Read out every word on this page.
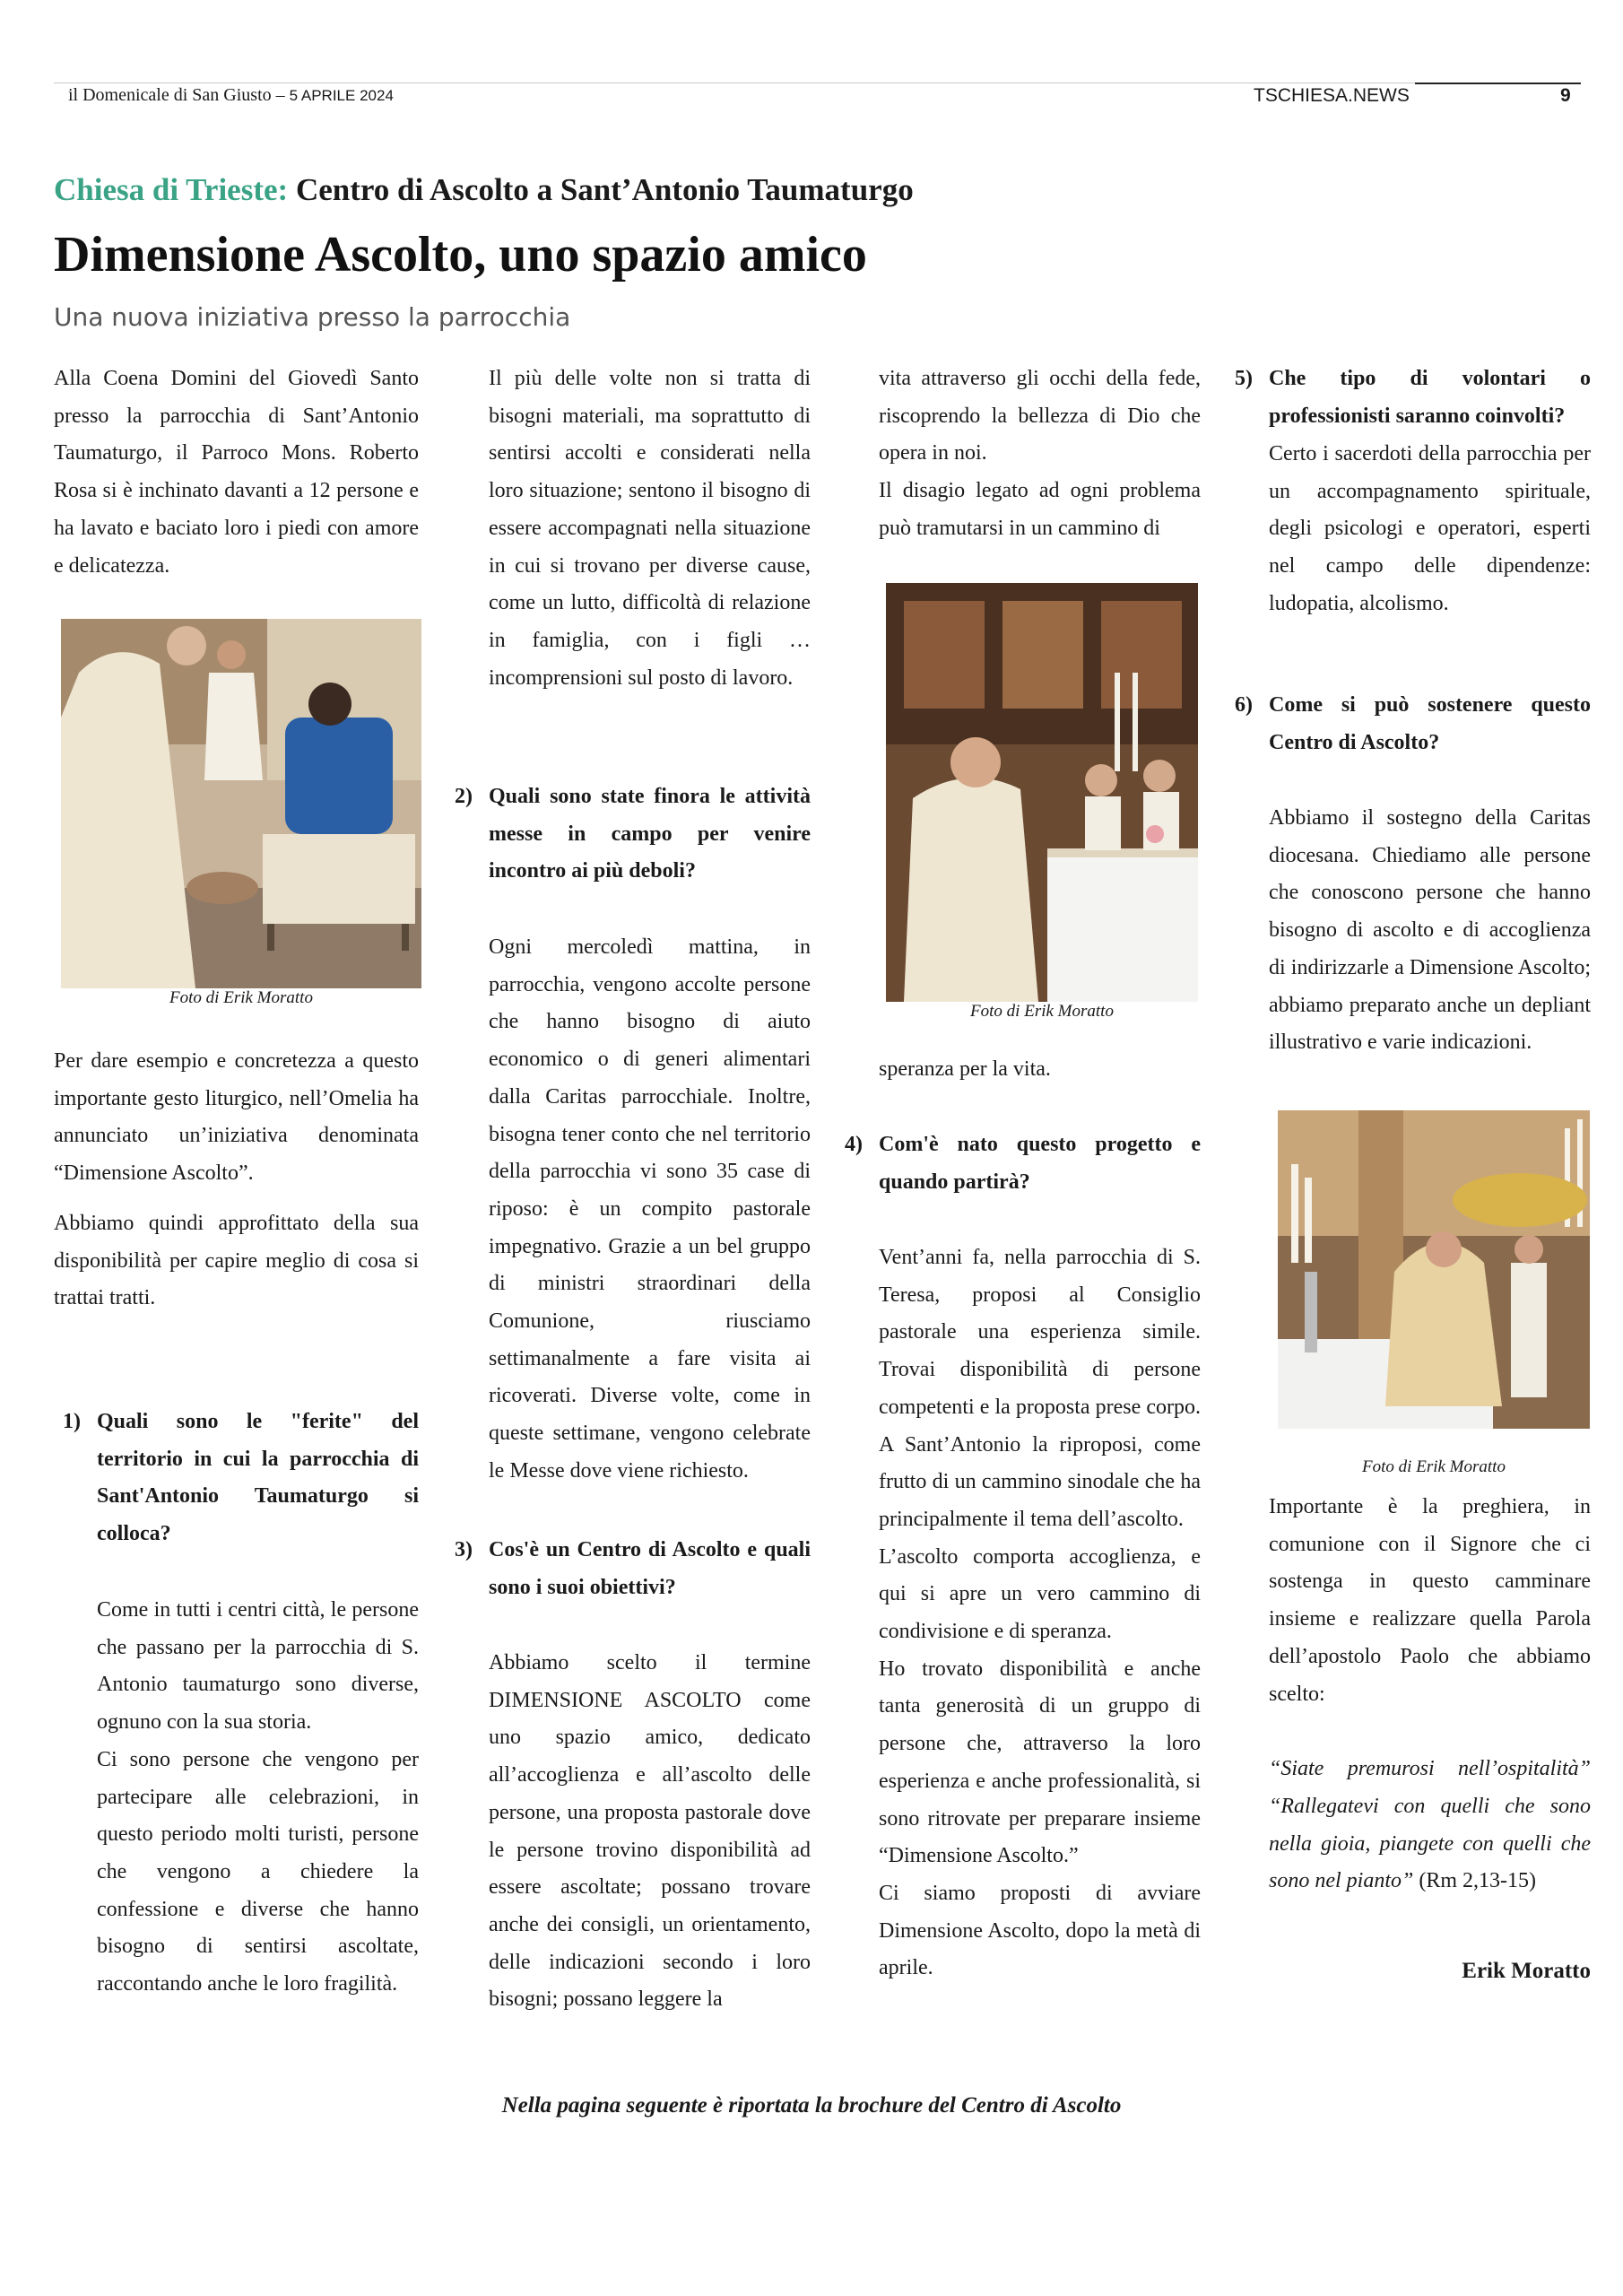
il Domenicale di San Giusto – 5 APRILE 2024	TSCHIESA.NEWS	9
Chiesa di Trieste: Centro di Ascolto a Sant’Antonio Taumaturgo
Dimensione Ascolto, uno spazio amico
Una nuova iniziativa presso la parrocchia

Alla Coena Domini del Giovedì Santo presso la parrocchia di Sant’Antonio Taumaturgo, il Parroco Mons. Roberto Rosa si è inchinato davanti a 12 persone e ha lavato e baciato loro i piedi con amore e delicatezza.

Foto di Erik Moratto

Per dare esempio e concretezza a questo importante gesto liturgico, nell’Omelia ha annunciato un’iniziativa denominata “Dimensione Ascolto”.

Abbiamo quindi approfittato della sua disponibilità per capire meglio di cosa si trattai tratti.

1) Quali sono le "ferite" del territorio in cui la parrocchia di Sant'Antonio Taumaturgo si colloca?

Come in tutti i centri città, le persone che passano per la parrocchia di S. Antonio taumaturgo sono diverse, ognuno con la sua storia.

Ci sono persone che vengono per partecipare alle celebrazioni, in questo periodo molti turisti, persone che vengono a chiedere la confessione e diverse che hanno bisogno di sentirsi ascoltate, raccontando anche le loro fragilità.

Il più delle volte non si tratta di bisogni materiali, ma soprattutto di sentirsi accolti e considerati nella loro situazione; sentono il bisogno di essere accompagnati nella situazione in cui si trovano per diverse cause, come un lutto, difficoltà di relazione in famiglia, con i figli … incomprensioni sul posto di lavoro.

2) Quali sono state finora le attività messe in campo per venire incontro ai più deboli?

Ogni mercoledì mattina, in parrocchia, vengono accolte persone che hanno bisogno di aiuto economico o di generi alimentari dalla Caritas parrocchiale. Inoltre, bisogna tener conto che nel territorio della parrocchia vi sono 35 case di riposo: è un compito pastorale impegnativo. Grazie a un bel gruppo di ministri straordinari della Comunione, riusciamo settimanalmente a fare visita ai ricoverati. Diverse volte, come in queste settimane, vengono celebrate le Messe dove viene richiesto.

3) Cos'è un Centro di Ascolto e quali sono i suoi obiettivi?

Abbiamo scelto il termine DIMENSIONE ASCOLTO come uno spazio amico, dedicato all’accoglienza e all’ascolto delle persone, una proposta pastorale dove le persone trovino disponibilità ad essere ascoltate; possano trovare anche dei consigli, un orientamento, delle indicazioni secondo i loro bisogni; possano leggere la

vita attraverso gli occhi della fede, riscoprendo la bellezza di Dio che opera in noi.

Il disagio legato ad ogni problema può tramutarsi in un cammino di

Foto di Erik Moratto

speranza per la vita.

4) Com'è nato questo progetto e quando partirà?

Vent’anni fa, nella parrocchia di S. Teresa, proposi al Consiglio pastorale una esperienza simile. Trovai disponibilità di persone competenti e la proposta prese corpo. A Sant’Antonio la riproposi, come frutto di un cammino sinodale che ha principalmente il tema dell’ascolto.

L’ascolto comporta accoglienza, e qui si apre un vero cammino di condivisione e di speranza.

Ho trovato disponibilità e anche tanta generosità di un gruppo di persone che, attraverso la loro esperienza e anche professionalità, si sono ritrovate per preparare insieme “Dimensione Ascolto.”

Ci siamo proposti di avviare Dimensione Ascolto, dopo la metà di aprile.

5) Che tipo di volontari o professionisti saranno coinvolti?

Certo i sacerdoti della parrocchia per un accompagnamento spirituale, degli psicologi e operatori, esperti nel campo delle dipendenze: ludopatia, alcolismo.

6) Come si può sostenere questo Centro di Ascolto?

Abbiamo il sostegno della Caritas diocesana. Chiediamo alle persone che conoscono persone che hanno bisogno di ascolto e di accoglienza di indirizzarle a Dimensione Ascolto; abbiamo preparato anche un depliant illustrativo e varie indicazioni.

Foto di Erik Moratto

Importante è la preghiera, in comunione con il Signore che ci sostenga in questo camminare insieme e realizzare quella Parola dell’apostolo Paolo che abbiamo scelto:

“Siate premurosi nell’ospitalità” “Rallegatevi con quelli che sono nella gioia, piangete con quelli che sono nel pianto” (Rm 2,13-15)

Erik Moratto
Nella pagina seguente è riportata la brochure del Centro di Ascolto
